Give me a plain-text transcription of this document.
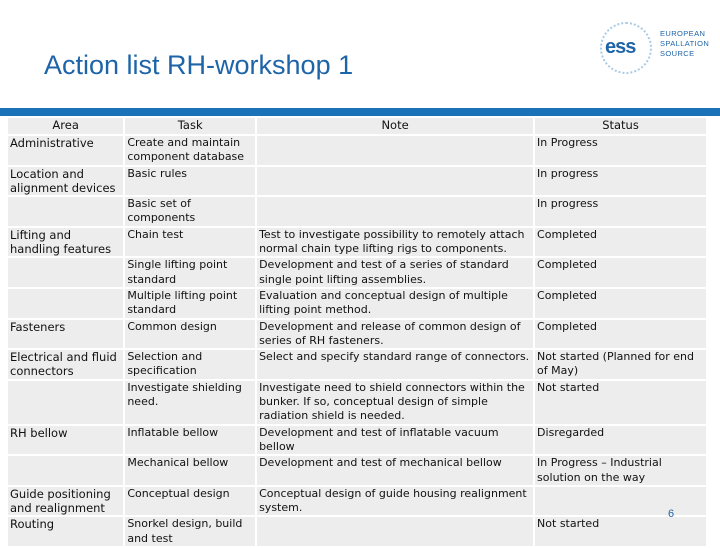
Action list RH-workshop 1
ess
EUROPEAN
SPALLATION
SOURCE
Area	Task	Note	Status
Administrative	Create and maintain component database		In Progress
Location and alignment devices	Basic rules		In progress
	Basic set of components		In progress
Lifting and handling features	Chain test	Test to investigate possibility to remotely attach normal chain type lifting rigs to components.	Completed
	Single lifting point standard	Development and test of a series of standard single point lifting assemblies.	Completed
	Multiple lifting point standard	Evaluation and conceptual design of multiple lifting point method.	Completed
Fasteners	Common design	Development and release of common design of series of RH fasteners.	Completed
Electrical and fluid connectors	Selection and specification	Select and specify standard range of connectors.	Not started (Planned for end of May)
	Investigate shielding need.	Investigate need to shield connectors within the bunker. If so, conceptual design of simple radiation shield is needed.	Not started
RH bellow	Inflatable bellow	Development and test of inflatable vacuum bellow	Disregarded
	Mechanical bellow	Development and test of mechanical bellow	In Progress – Industrial solution on the way
Guide positioning and realignment	Conceptual design	Conceptual design of guide housing realignment system.	
Routing	Snorkel design, build and test		Not started
6
